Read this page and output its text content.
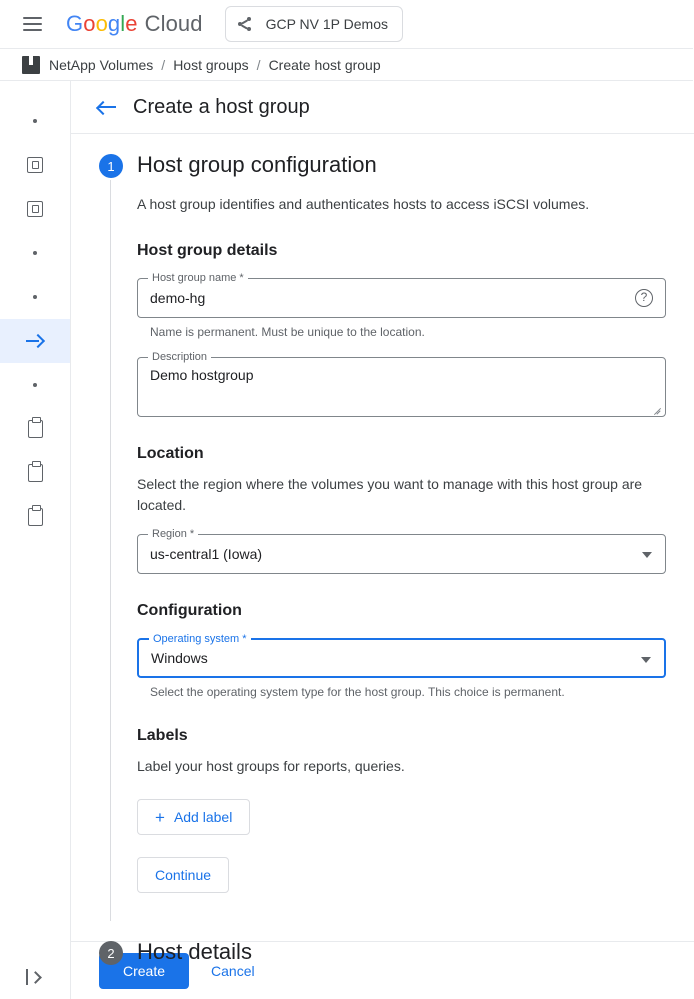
G o o g l e Cloud	GCP NV 1P Demos
NetApp Volumes / Host groups / Create host group
Create a host group
1	Host group configuration
A host group identifies and authenticates hosts to access iSCSI volumes.
Host group details
Host group name *
demo-hg	?
Name is permanent. Must be unique to the location.
Description
Demo hostgroup
Location
Select the region where the volumes you want to manage with this host group are located.
Region *
us-central1 (Iowa)
Configuration
Operating system *
Windows
Select the operating system type for the host group. This choice is permanent.
Labels
Label your host groups for reports, queries.
+ Add label
Continue
2	Host details
Create	Cancel
